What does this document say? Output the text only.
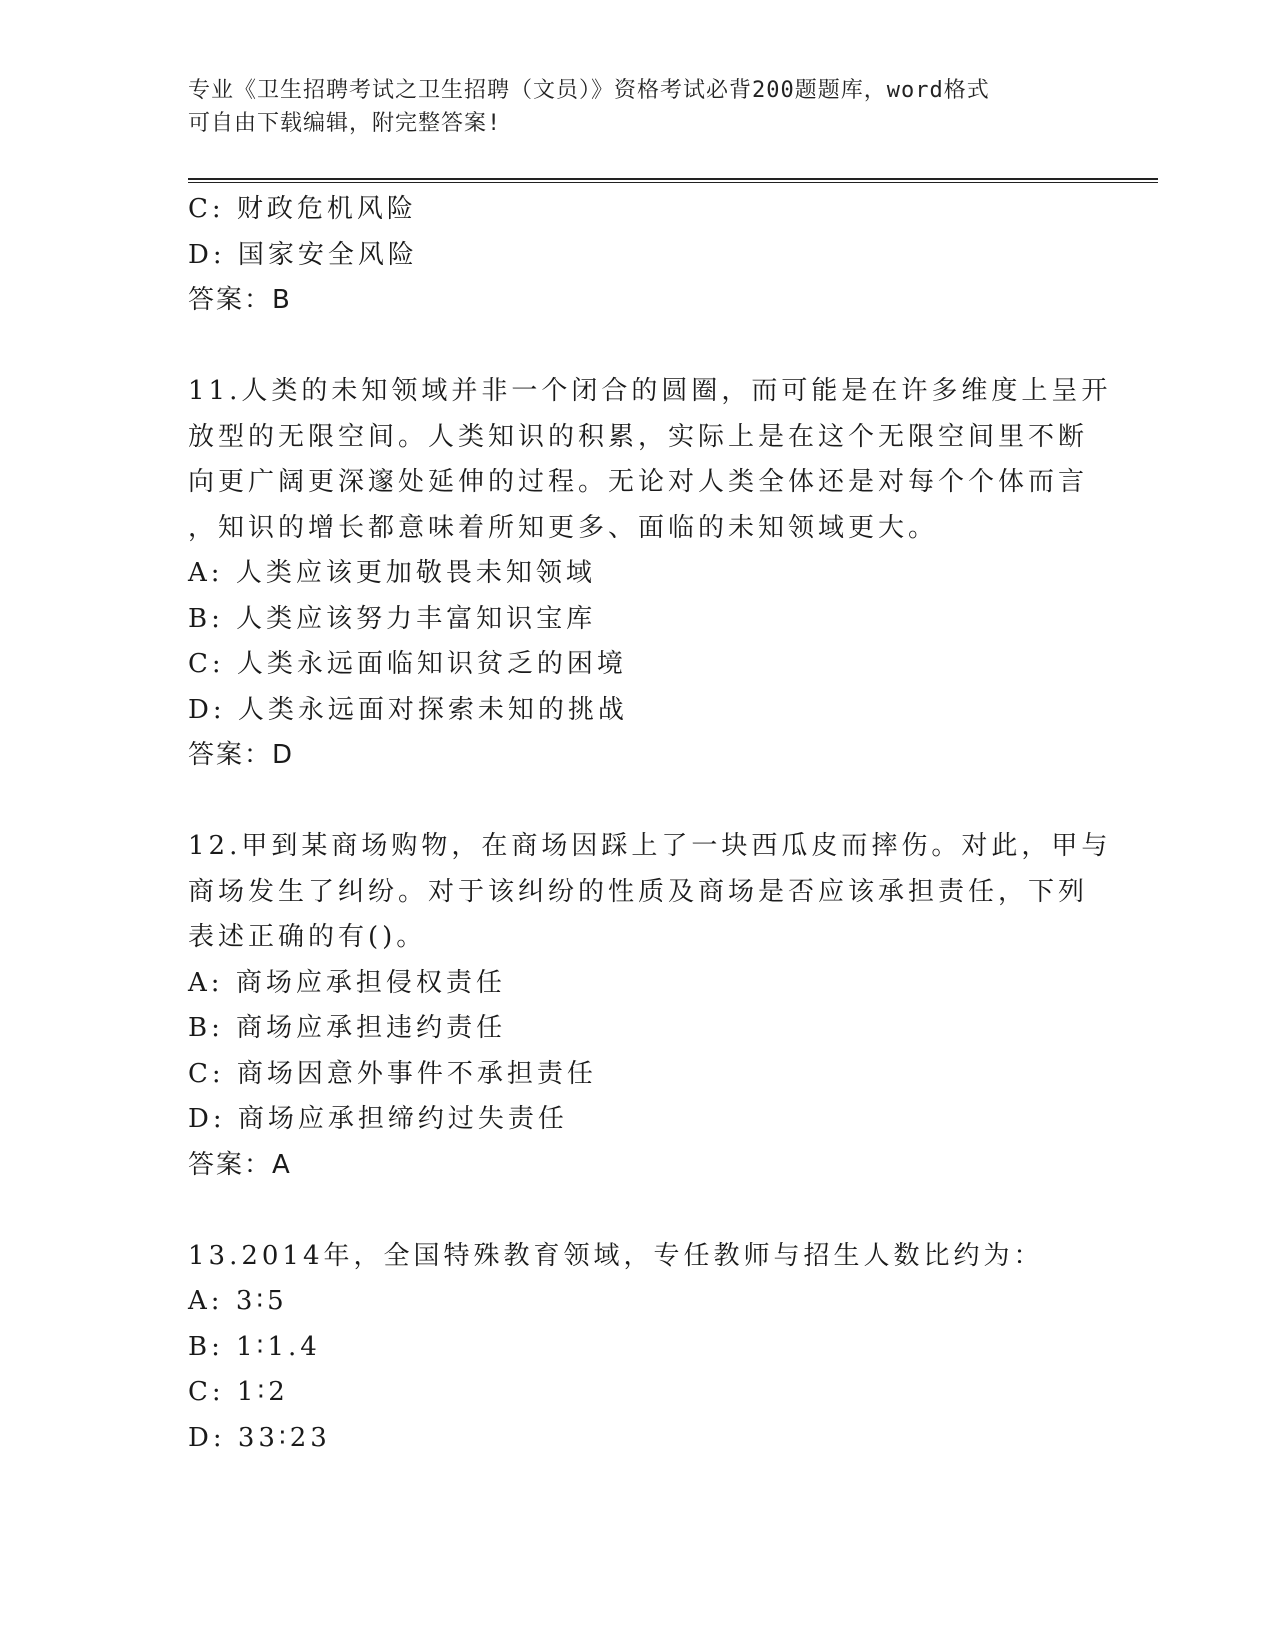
专业《卫生招聘考试之卫生招聘（文员）》资格考试必背200题题库，word格式
可自由下载编辑，附完整答案!
C: 财政危机风险
D: 国家安全风险
答案：B
11.人类的未知领域并非一个闭合的圆圈，而可能是在许多维度上呈开
放型的无限空间。人类知识的积累，实际上是在这个无限空间里不断
向更广阔更深邃处延伸的过程。无论对人类全体还是对每个个体而言
，知识的增长都意味着所知更多、面临的未知领域更大。
A: 人类应该更加敬畏未知领域
B: 人类应该努力丰富知识宝库
C: 人类永远面临知识贫乏的困境
D: 人类永远面对探索未知的挑战
答案：D
12.甲到某商场购物，在商场因踩上了一块西瓜皮而摔伤。对此，甲与
商场发生了纠纷。对于该纠纷的性质及商场是否应该承担责任，下列
表述正确的有()。
A: 商场应承担侵权责任
B: 商场应承担违约责任
C: 商场因意外事件不承担责任
D: 商场应承担缔约过失责任
答案：A
13.2014年，全国特殊教育领域，专任教师与招生人数比约为：
A: 3∶5
B: 1∶1.4
C: 1∶2
D: 33∶23
